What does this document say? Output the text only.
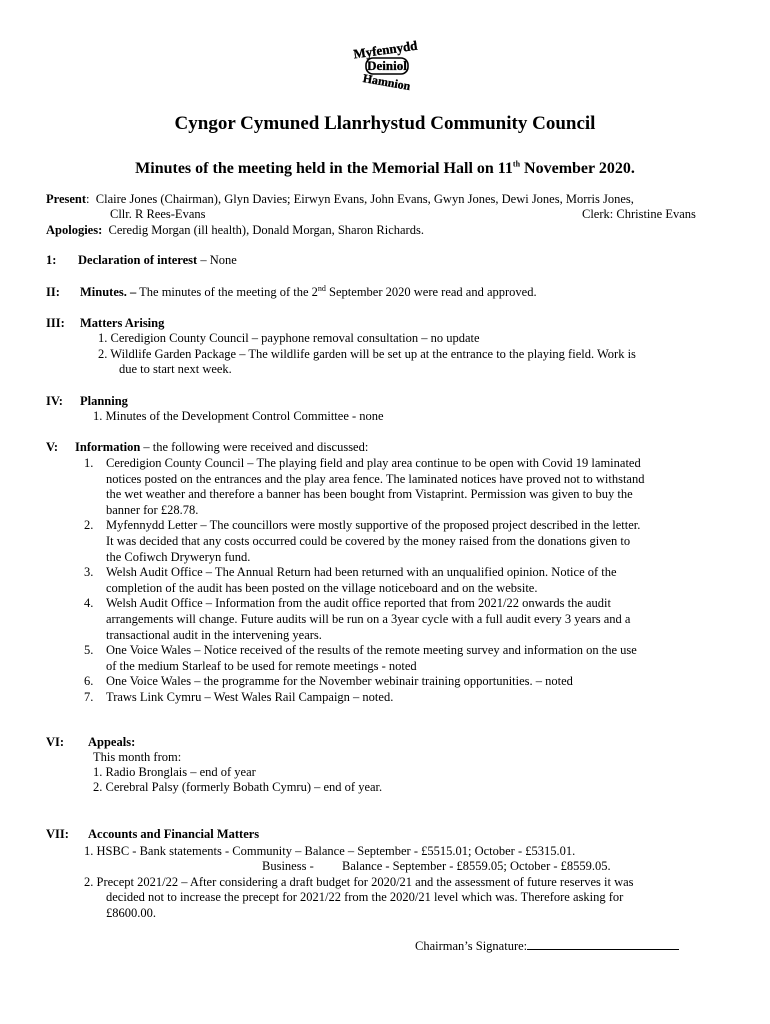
Myfennydd
Deiniol
Hamnion
Cyngor Cymuned Llanrhystud Community Council
Minutes of the meeting held in the Memorial Hall on 11th November 2020.
Present:  Claire Jones (Chairman), Glyn Davies; Eirwyn Evans, John Evans, Gwyn Jones, Dewi Jones, Morris Jones,
Cllr. R Rees-Evans	Clerk: Christine Evans
Apologies: Ceredig Morgan (ill health), Donald Morgan, Sharon Richards.
1: Declaration of interest – None
II: Minutes. – The minutes of the meeting of the 2nd September 2020 were read and approved.
III: Matters Arising
1. Ceredigion County Council – payphone removal consultation – no update
2. Wildlife Garden Package – The wildlife garden will be set up at the entrance to the playing field. Work is
due to start next week.
IV: Planning
1. Minutes of the Development Control Committee - none
V: Information – the following were received and discussed:
1. Ceredigion County Council – The playing field and play area continue to be open with Covid 19 laminated
notices posted on the entrances and the play area fence. The laminated notices have proved not to withstand
the wet weather and therefore a banner has been bought from Vistaprint. Permission was given to buy the
banner for £28.78.
2. Myfennydd Letter – The councillors were mostly supportive of the proposed project described in the letter.
It was decided that any costs occurred could be covered by the money raised from the donations given to
the Cofiwch Dryweryn fund.
3. Welsh Audit Office – The Annual Return had been returned with an unqualified opinion. Notice of the
completion of the audit has been posted on the village noticeboard and on the website.
4. Welsh Audit Office – Information from the audit office reported that from 2021/22 onwards the audit
arrangements will change. Future audits will be run on a 3year cycle with a full audit every 3 years and a
transactional audit in the intervening years.
5. One Voice Wales – Notice received of the results of the remote meeting survey and information on the use
of the medium Starleaf to be used for remote meetings - noted
6. One Voice Wales – the programme for the November webinair training opportunities. – noted
7. Traws Link Cymru – West Wales Rail Campaign – noted.
VI: Appeals:
This month from:
1. Radio Bronglais – end of year
2. Cerebral Palsy (formerly Bobath Cymru) – end of year.
VII: Accounts and Financial Matters
1. HSBC - Bank statements - Community – Balance – September - £5515.01; October - £5315.01.
Business - Balance - September - £8559.05; October - £8559.05.
2. Precept 2021/22 – After considering a draft budget for 2020/21 and the assessment of future reserves it was
decided not to increase the precept for 2021/22 from the 2020/21 level which was. Therefore asking for
£8600.00.
Chairman’s Signature:
